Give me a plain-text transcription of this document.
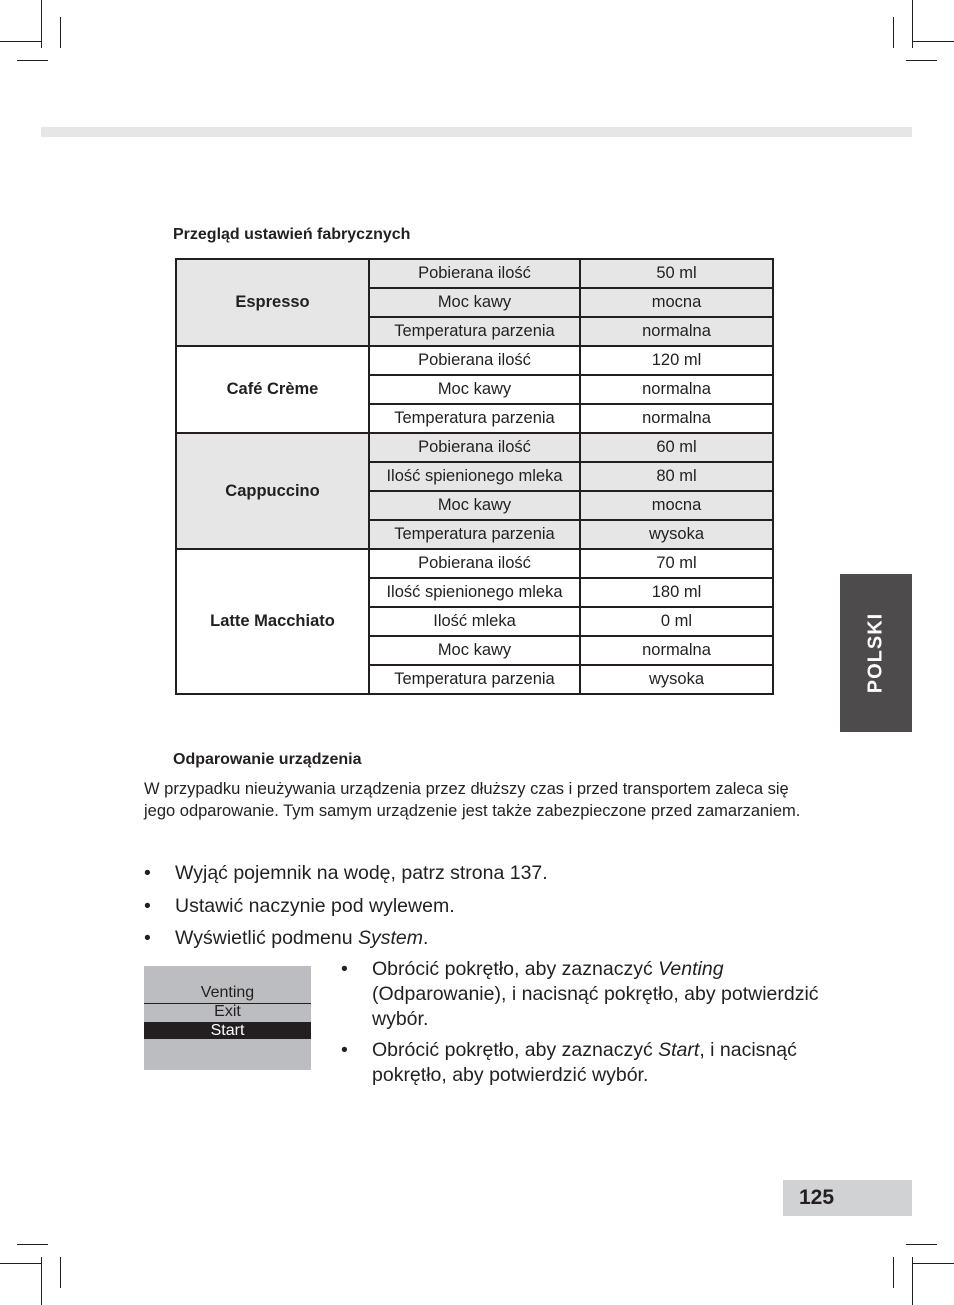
Przegląd ustawień fabrycznych
Espresso	Pobierana ilość	50 ml
	Moc kawy	mocna
	Temperatura parzenia	normalna
Café Crème	Pobierana ilość	120 ml
	Moc kawy	normalna
	Temperatura parzenia	normalna
Cappuccino	Pobierana ilość	60 ml
	Ilość spienionego mleka	80 ml
	Moc kawy	mocna
	Temperatura parzenia	wysoka
Latte Macchiato	Pobierana ilość	70 ml
	Ilość spienionego mleka	180 ml
	Ilość mleka	0 ml
	Moc kawy	normalna
	Temperatura parzenia	wysoka
Odparowanie urządzenia
W przypadku nieużywania urządzenia przez dłuższy czas i przed transportem zaleca się jego odparowanie. Tym samym urządzenie jest także zabezpieczone przed zamarzaniem.
• Wyjąć pojemnik na wodę, patrz strona 137.
• Ustawić naczynie pod wylewem.
• Wyświetlić podmenu System.
Venting
Exit
Start
• Obrócić pokrętło, aby zaznaczyć Venting (Odparowanie), i nacisnąć pokrętło, aby potwierdzić wybór.
• Obrócić pokrętło, aby zaznaczyć Start, i nacisnąć pokrętło, aby potwierdzić wybór.
POLSKI
125
